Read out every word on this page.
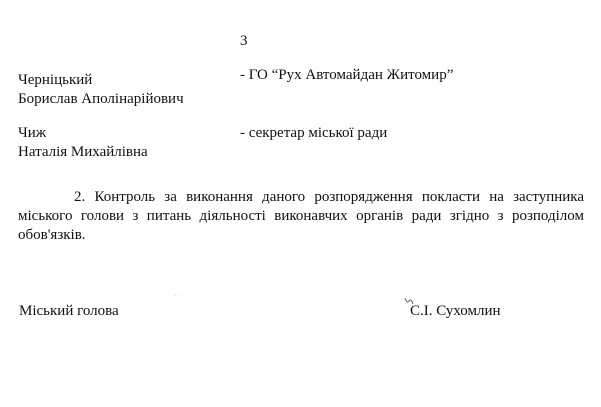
3
Черніцький
Борислав Аполінарійович
- ГО “Рух Автомайдан Житомир”
Чиж
Наталія Михайлівна
- секретар міської ради
2. Контроль за виконання даного розпорядження покласти на заступника міського голови з питань діяльності виконавчих органів ради згідно з розподілом обов'язків.
Міський голова	С.І. Сухомлин
